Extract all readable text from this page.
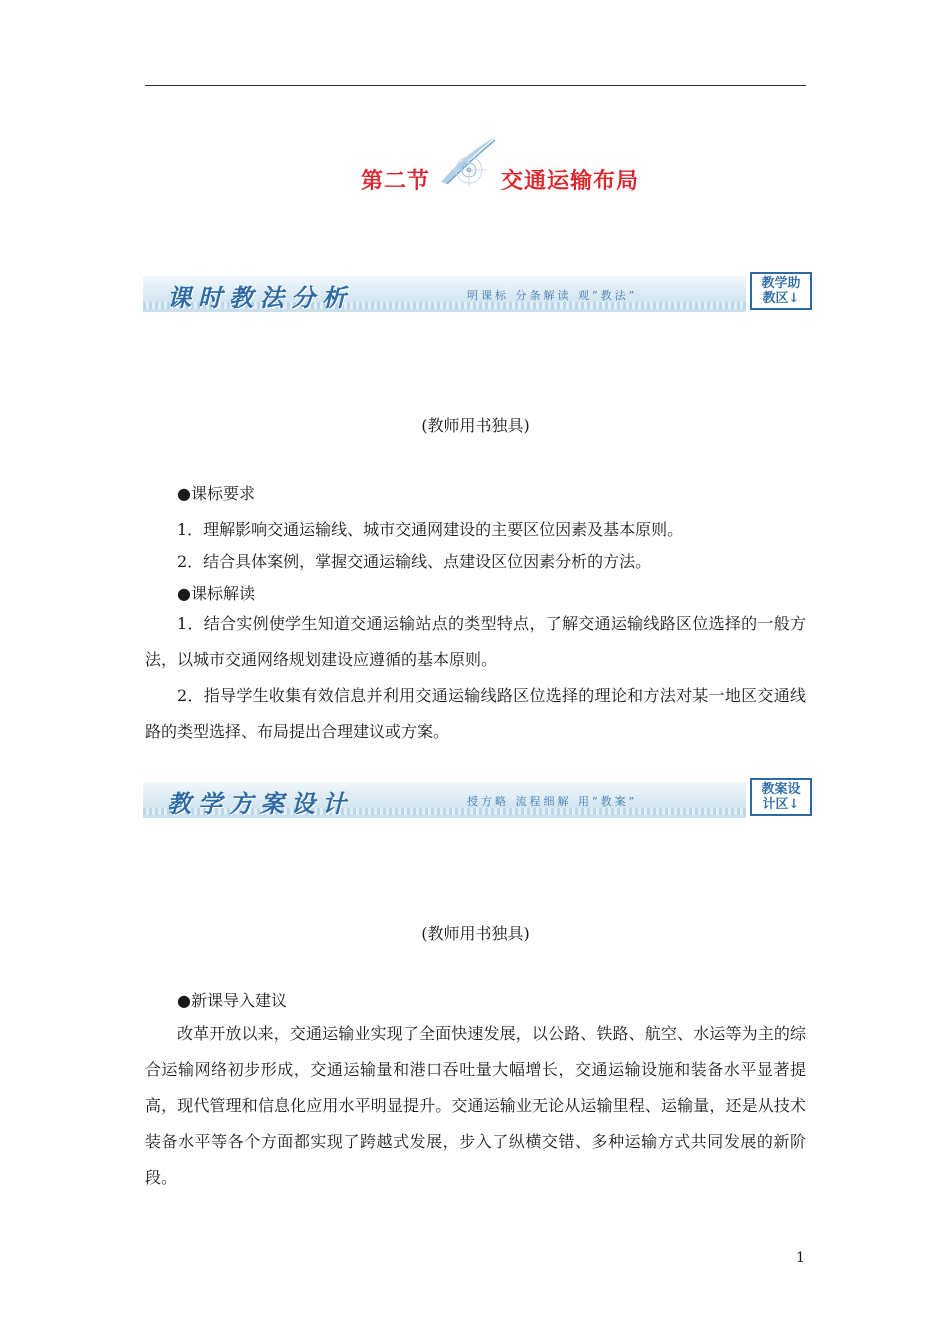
第二节	交通运输布局
课时教法分析	明课标 分条解读 观“教法”
教学助
教区↓
(教师用书独具)
●课标要求
1．理解影响交通运输线、城市交通网建设的主要区位因素及基本原则。
2．结合具体案例，掌握交通运输线、点建设区位因素分析的方法。
●课标解读
1．结合实例使学生知道交通运输站点的类型特点，了解交通运输线路区位选择的一般方法，以城市交通网络规划建设应遵循的基本原则。
2．指导学生收集有效信息并利用交通运输线路区位选择的理论和方法对某一地区交通线路的类型选择、布局提出合理建议或方案。
教学方案设计	授方略 流程细解 用“教案”
教案设
计区↓
(教师用书独具)
●新课导入建议
改革开放以来，交通运输业实现了全面快速发展，以公路、铁路、航空、水运等为主的综合运输网络初步形成，交通运输量和港口吞吐量大幅增长，交通运输设施和装备水平显著提高，现代管理和信息化应用水平明显提升。交通运输业无论从运输里程、运输量，还是从技术装备水平等各个方面都实现了跨越式发展，步入了纵横交错、多种运输方式共同发展的新阶段。
1
